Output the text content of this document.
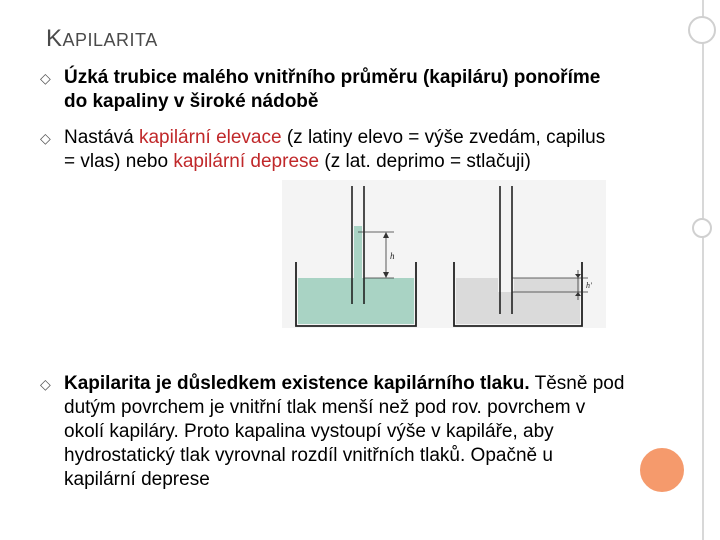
KAPILARITA
◇ Úzká trubice malého vnitřního průměru (kapiláru) ponoříme do kapaliny v široké nádobě
◇ Nastává kapilární elevace (z latiny elevo = výše zvedám, capilus = vlas) nebo kapilární deprese (z lat. deprimo = stlačuji)
h
h'
◇ Kapilarita je důsledkem existence kapilárního tlaku. Těsně pod dutým povrchem je vnitřní tlak menší než pod rov. povrchem v okolí kapiláry. Proto kapalina vystoupí výše v kapiláře, aby hydrostatický tlak vyrovnal rozdíl vnitřních tlaků. Opačně u kapilární deprese
